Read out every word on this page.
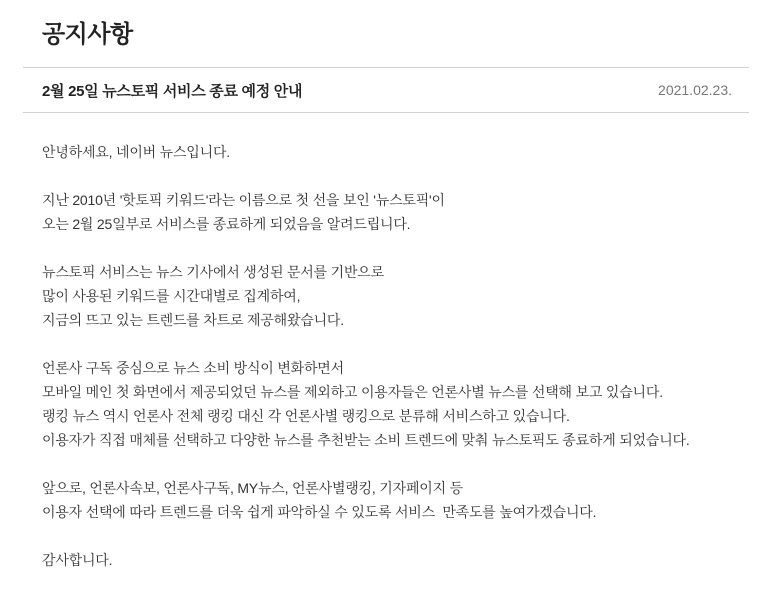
공지사항
2월 25일 뉴스토픽 서비스 종료 예정 안내	2021.02.23.
안녕하세요, 네이버 뉴스입니다.
지난 2010년 '핫토픽 키워드'라는 이름으로 첫 선을 보인 '뉴스토픽'이
오는 2월 25일부로 서비스를 종료하게 되었음을 알려드립니다.
뉴스토픽 서비스는 뉴스 기사에서 생성된 문서를 기반으로
많이 사용된 키워드를 시간대별로 집계하여,
지금의 뜨고 있는 트렌드를 차트로 제공해왔습니다.
언론사 구독 중심으로 뉴스 소비 방식이 변화하면서
모바일 메인 첫 화면에서 제공되었던 뉴스를 제외하고 이용자들은 언론사별 뉴스를 선택해 보고 있습니다.
랭킹 뉴스 역시 언론사 전체 랭킹 대신 각 언론사별 랭킹으로 분류해 서비스하고 있습니다.
이용자가 직접 매체를 선택하고 다양한 뉴스를 추천받는 소비 트렌드에 맞춰 뉴스토픽도 종료하게 되었습니다.
앞으로, 언론사속보, 언론사구독, MY뉴스, 언론사별랭킹, 기자페이지 등
이용자 선택에 따라 트렌드를 더욱 쉽게 파악하실 수 있도록 서비스  만족도를 높여가겠습니다.
감사합니다.
